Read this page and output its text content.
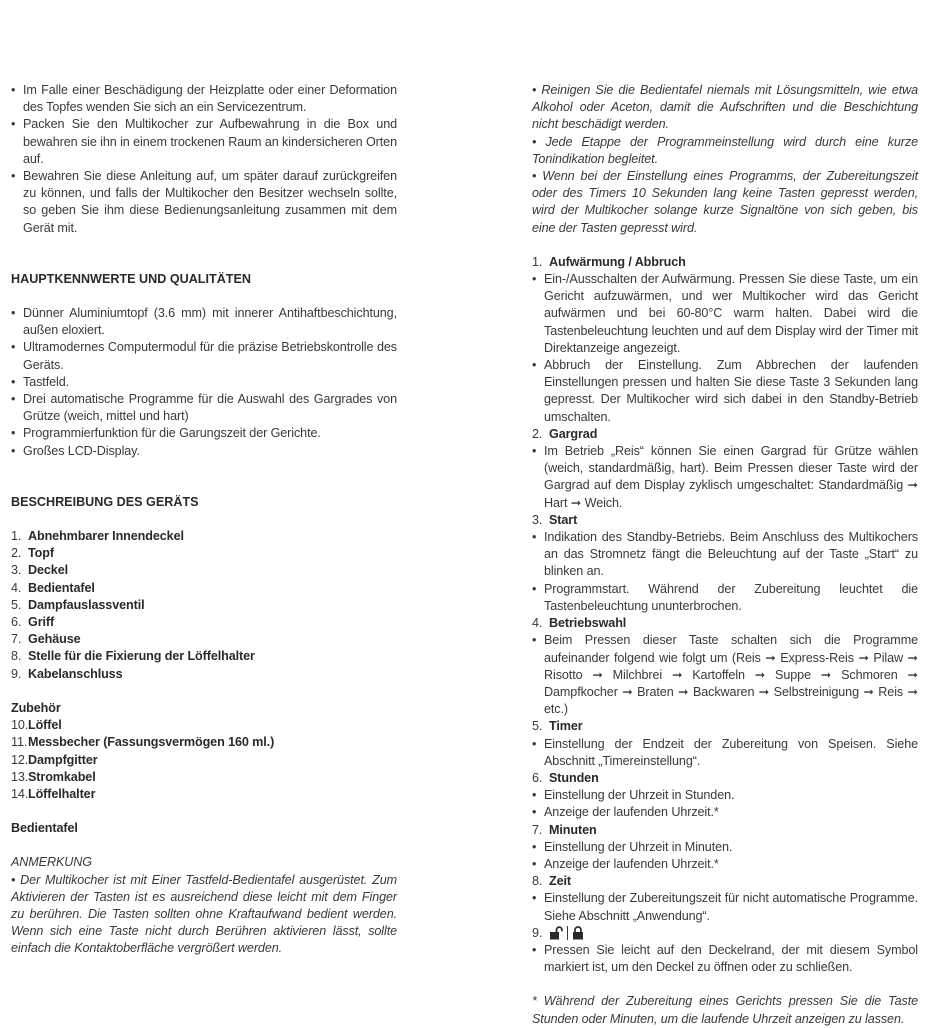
• Im Falle einer Beschädigung der Heizplatte oder einer Deformation des Topfes wenden Sie sich an ein Servicezentrum.
• Packen Sie den Multikocher zur Aufbewahrung in die Box und bewahren sie ihn in einem trockenen Raum an kindersicheren Orten auf.
• Bewahren Sie diese Anleitung auf, um später darauf zurückgreifen zu können, und falls der Multikocher den Besitzer wechseln sollte, so geben Sie ihm diese Bedienungsanleitung zusammen mit dem Gerät mit.
HAUPTKENNWERTE UND QUALITÄTEN
• Dünner Aluminiumtopf (3.6 mm) mit innerer Antihaftbeschichtung, außen eloxiert.
• Ultramodernes Computermodul für die präzise Betriebskontrolle des Geräts.
• Tastfeld.
• Drei automatische Programme für die Auswahl des Gargrades von Grütze (weich, mittel und hart)
• Programmierfunktion für die Garungszeit der Gerichte.
• Großes LCD-Display.
BESCHREIBUNG DES GERÄTS
1. Abnehmbarer Innendeckel
2. Topf
3. Deckel
4. Bedientafel
5. Dampfauslassventil
6. Griff
7. Gehäuse
8. Stelle für die Fixierung der Löffelhalter
9. Kabelanschluss
Zubehör
10. Löffel
11. Messbecher (Fassungsvermögen 160 ml.)
12. Dampfgitter
13. Stromkabel
14. Löffelhalter
Bedientafel
ANMERKUNG
• Der Multikocher ist mit Einer Tastfeld-Bedientafel ausgerüstet. Zum Aktivieren der Tasten ist es ausreichend diese leicht mit dem Finger zu berühren. Die Tasten sollten ohne Kraftaufwand bedient werden. Wenn sich eine Taste nicht durch Berühren aktivieren lässt, sollte einfach die Kontaktoberfläche vergrößert werden.
• Reinigen Sie die Bedientafel niemals mit Lösungsmitteln, wie etwa Alkohol oder Aceton, damit die Aufschriften und die Beschichtung nicht beschädigt werden.
• Jede Etappe der Programmeinstellung wird durch eine kurze Tonindikation begleitet.
• Wenn bei der Einstellung eines Programms, der Zubereitungszeit oder des Timers 10 Sekunden lang keine Tasten gepresst werden, wird der Multikocher solange kurze Signaltöne von sich geben, bis eine der Tasten gepresst wird.
1. Aufwärmung / Abbruch
• Ein-/Ausschalten der Aufwärmung. Pressen Sie diese Taste, um ein Gericht aufzuwärmen, und wer Multikocher wird das Gericht aufwärmen und bei 60-80°C warm halten. Dabei wird die Tastenbeleuchtung leuchten und auf dem Display wird der Timer mit Direktanzeige angezeigt.
• Abbruch der Einstellung. Zum Abbrechen der laufenden Einstellungen pressen und halten Sie diese Taste 3 Sekunden lang gepresst. Der Multikocher wird sich dabei in den Standby-Betrieb umschalten.
2. Gargrad
• Im Betrieb „Reis“ können Sie einen Gargrad für Grütze wählen (weich, standardmäßig, hart). Beim Pressen dieser Taste wird der Gargrad auf dem Display zyklisch umgeschaltet: Standardmäßig ➞ Hart ➞ Weich.
3. Start
• Indikation des Standby-Betriebs. Beim Anschluss des Multikochers an das Stromnetz fängt die Beleuchtung auf der Taste „Start“ zu blinken an.
• Programmstart. Während der Zubereitung leuchtet die Tastenbeleuchtung ununterbrochen.
4. Betriebswahl
• Beim Pressen dieser Taste schalten sich die Programme aufeinander folgend wie folgt um (Reis ➞ Express-Reis ➞ Pilaw ➞ Risotto ➞ Milchbrei ➞ Kartoffeln ➞ Suppe ➞ Schmoren ➞ Dampfkocher ➞ Braten ➞ Backwaren ➞ Selbstreinigung ➞ Reis ➞ etc.)
5. Timer
• Einstellung der Endzeit der Zubereitung von Speisen. Siehe Abschnitt „Timereinstellung“.
6. Stunden
• Einstellung der Uhrzeit in Stunden.
• Anzeige der laufenden Uhrzeit.*
7. Minuten
• Einstellung der Uhrzeit in Minuten.
• Anzeige der laufenden Uhrzeit.*
8. Zeit
• Einstellung der Zubereitungszeit für nicht automatische Programme. Siehe Abschnitt „Anwendung“.
9.
• Pressen Sie leicht auf den Deckelrand, der mit diesem Symbol markiert ist, um den Deckel zu öffnen oder zu schließen.
* Während der Zubereitung eines Gerichts pressen Sie die Taste Stunden oder Minuten, um die laufende Uhrzeit anzeigen zu lassen.
